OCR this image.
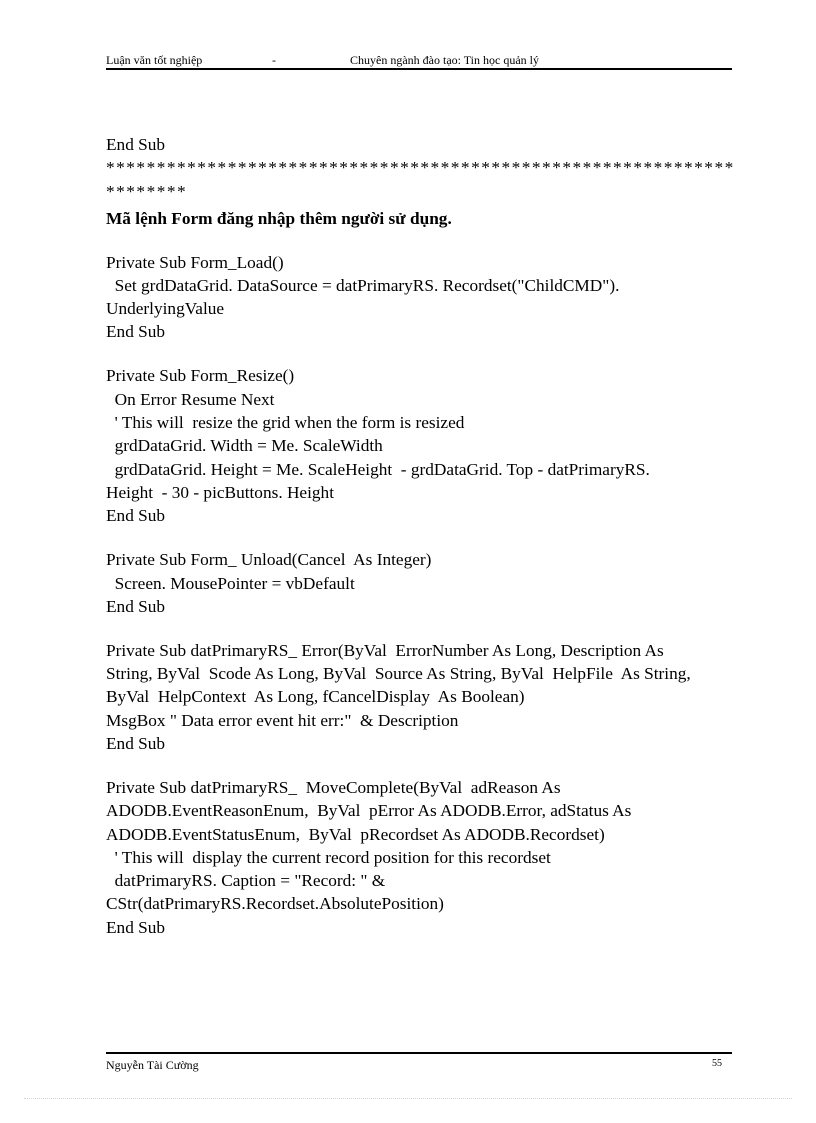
Luận văn tốt nghiệp	-	Chuyên ngành đào tạo: Tin học quản lý
End Sub
**************************************************************
********
Mã lệnh Form đăng nhập thêm người sử dụng.
Private Sub Form_Load()
Set grdDataGrid. DataSource = datPrimaryRS. Recordset("ChildCMD").
UnderlyingValue
End Sub
Private Sub Form_Resize()
On Error Resume Next
' This will  resize the grid when the form is resized
grdDataGrid. Width = Me. ScaleWidth
grdDataGrid. Height = Me. ScaleHeight  - grdDataGrid. Top - datPrimaryRS.
Height  - 30 - picButtons. Height
End Sub
Private Sub Form_ Unload(Cancel  As Integer)
Screen. MousePointer = vbDefault
End Sub
Private Sub datPrimaryRS_ Error(ByVal  ErrorNumber As Long, Description As
String, ByVal  Scode As Long, ByVal  Source As String, ByVal  HelpFile  As String,
ByVal  HelpContext  As Long, fCancelDisplay  As Boolean)
MsgBox " Data error event hit err:"  & Description
End Sub
Private Sub datPrimaryRS_  MoveComplete(ByVal  adReason As
ADODB.EventReasonEnum,  ByVal  pError As ADODB.Error, adStatus As
ADODB.EventStatusEnum,  ByVal  pRecordset As ADODB.Recordset)
' This will  display the current record position for this recordset
datPrimaryRS. Caption = "Record: " &
CStr(datPrimaryRS.Recordset.AbsolutePosition)
End Sub
Nguyễn Tài Cường	55
